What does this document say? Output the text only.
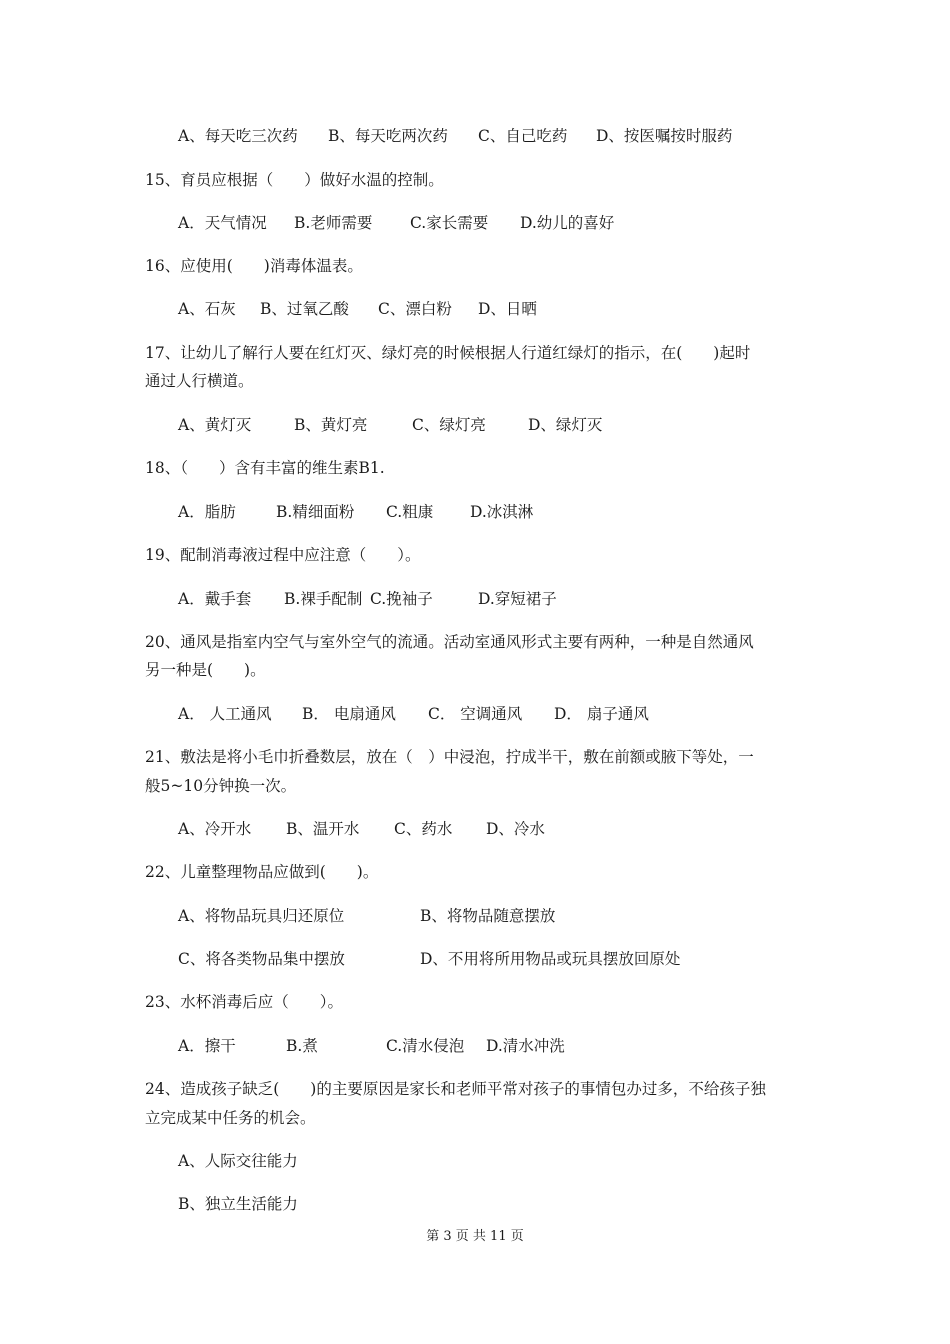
A、每天吃三次药 B、每天吃两次药 C、自己吃药 D、按医嘱按时服药
15、育员应根据（　　）做好水温的控制。
A．天气情况 B.老师需要 C.家长需要 D.幼儿的喜好
16、应使用(　　)消毒体温表。
A、石灰 B、过氧乙酸 C、漂白粉 D、日晒
17、让幼儿了解行人要在红灯灭、绿灯亮的时候根据人行道红绿灯的指示，在(　　)起时
通过人行横道。
A、黄灯灭	B、黄灯亮	C、绿灯亮	D、绿灯灭
18、（　　）含有丰富的维生素B1.
A．脂肪	B.精细面粉 C.粗康 D.冰淇淋
19、配制消毒液过程中应注意（　　）。
A．戴手套 B.裸手配制 C.挽袖子	D.穿短裙子
20、通风是指室内空气与室外空气的流通。活动室通风形式主要有两种，一种是自然通风
另一种是(　　)。
A． 人工通风 B． 电扇通风 C． 空调通风 D． 扇子通风
21、敷法是将小毛巾折叠数层，放在（　）中浸泡，拧成半干，敷在前额或腋下等处，一
般5~10分钟换一次。
A、冷开水 B、温开水 C、药水 D、冷水
22、儿童整理物品应做到(　　)。
A、将物品玩具归还原位	B、将物品随意摆放
C、将各类物品集中摆放	D、不用将所用物品或玩具摆放回原处
23、水杯消毒后应（　　）。
A．擦干	B.煮	C.清水侵泡 D.清水冲洗
24、造成孩子缺乏(　　)的主要原因是家长和老师平常对孩子的事情包办过多，不给孩子独
立完成某中任务的机会。
A、人际交往能力
B、独立生活能力
第 3 页 共 11 页
